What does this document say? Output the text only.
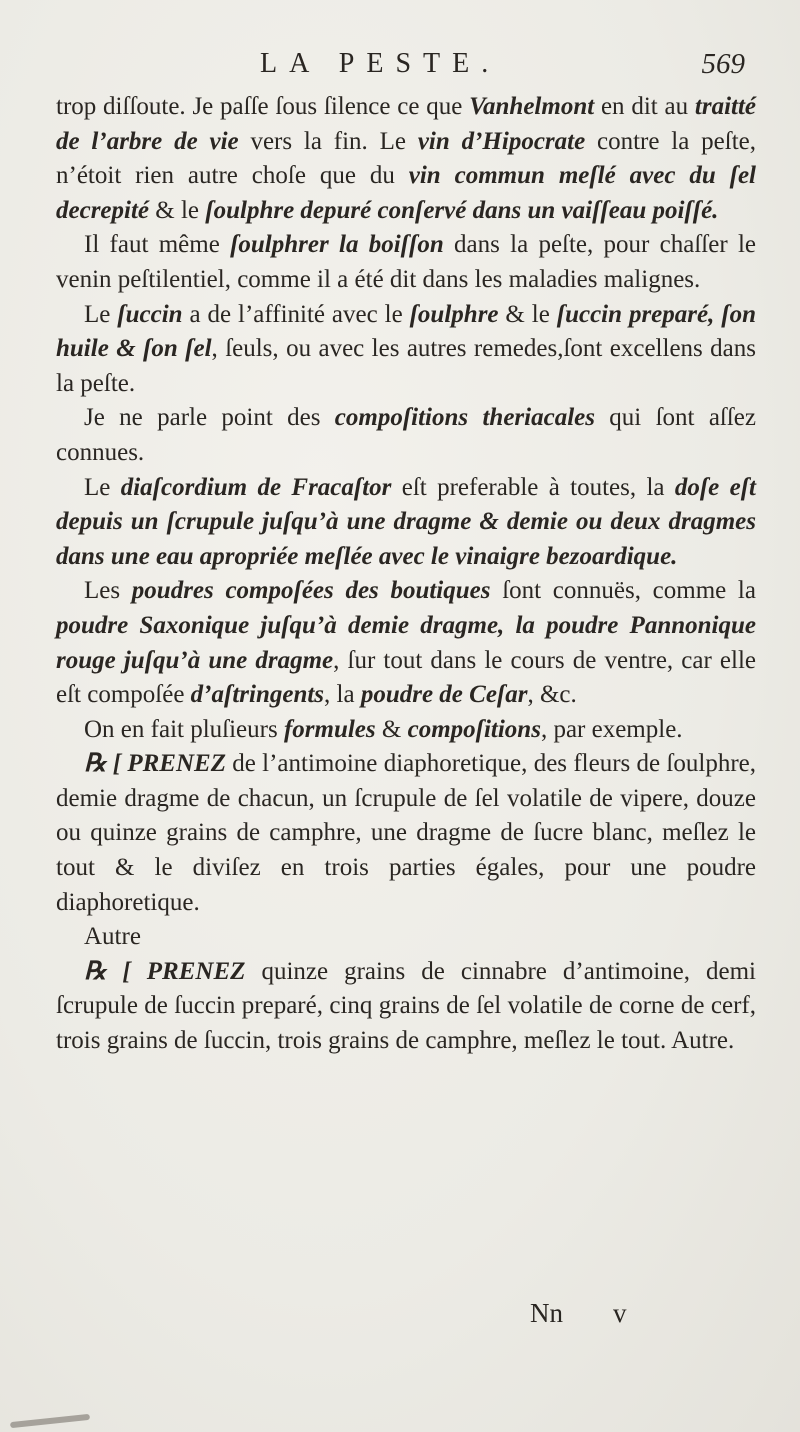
LA PESTE.	569

trop diſſoute. Je paſſe ſous ſilence ce que Vanhelmont en dit au traitté de l’arbre de vie vers la fin. Le vin d’Hipocrate contre la peſte, n’étoit rien autre choſe que du vin commun meſlé avec du ſel decrepité & le ſoulphre depuré conſervé dans un vaiſſeau poiſſé.

Il faut même ſoulphrer la boiſſon dans la peſte, pour chaſſer le venin peſtilentiel, comme il a été dit dans les maladies malignes.

Le ſuccin a de l’affinité avec le ſoulphre & le ſuccin preparé, ſon huile & ſon ſel, ſeuls, ou avec les autres remedes,ſont excellens dans la peſte.

Je ne parle point des compoſitions theriacales qui ſont aſſez connues.

Le diaſcordium de Fracaſtor eſt preferable à toutes, la doſe eſt depuis un ſcrupule juſqu’à une dragme & demie ou deux dragmes dans une eau apropriée meſlée avec le vinaigre bezoardique.

Les poudres compoſées des boutiques ſont connuës, comme la poudre Saxonique juſqu’à demie dragme, la poudre Pannonique rouge juſqu’à une dragme, ſur tout dans le cours de ventre, car elle eſt compoſée d’aſtringents, la poudre de Ceſar, &c.

On en fait pluſieurs formules & compoſitions, par exemple.

℞ [ PRENEZ de l’antimoine diaphoretique, des fleurs de ſoulphre, demie dragme de chacun, un ſcrupule de ſel volatile de vipere, douze ou quinze grains de camphre, une dragme de ſucre blanc, meſlez le tout & le diviſez en trois parties égales, pour une poudre diaphoretique.

Autre

℞ [ PRENEZ quinze grains de cinnabre d’antimoine, demi ſcrupule de ſuccin preparé, cinq grains de ſel volatile de corne de cerf, trois grains de ſuccin, trois grains de camphre, meſlez le tout. Autre.

Nn v
